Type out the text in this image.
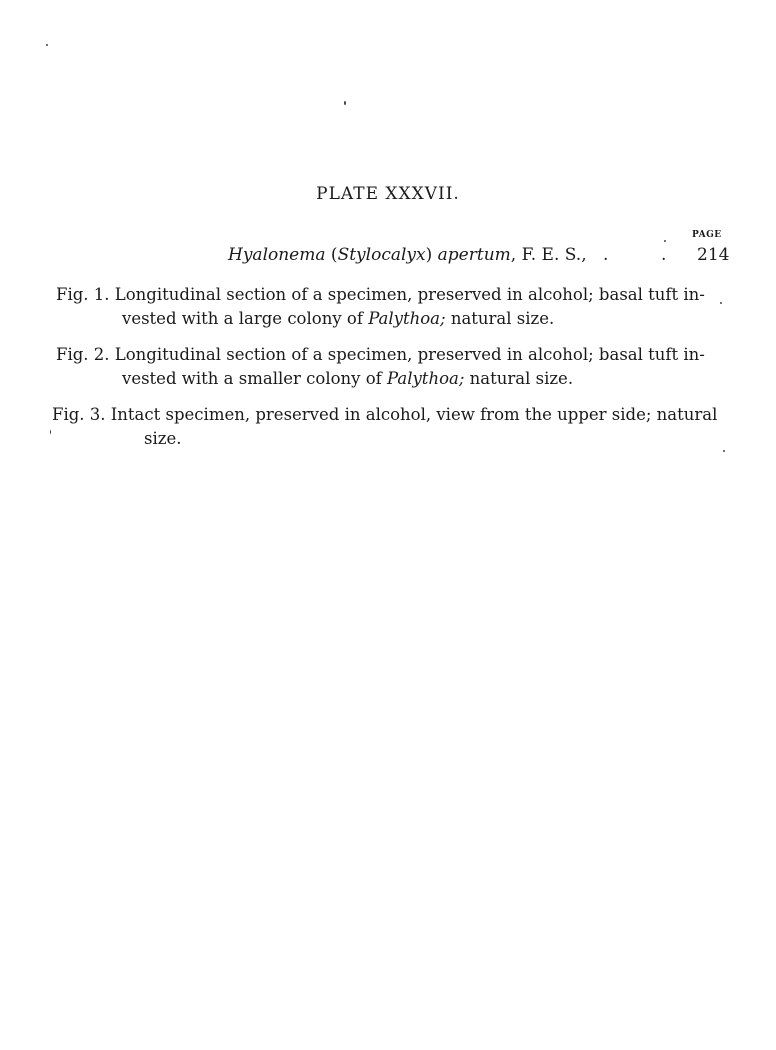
PLATE XXXVII.
PAGE
Hyalonema (Stylocalyx) apertum, F. E. S., .	. 214
Fig. 1. Longitudinal section of a specimen, preserved in alcohol; basal tuft in-
vested with a large colony of Palythoa; natural size.
Fig. 2. Longitudinal section of a specimen, preserved in alcohol; basal tuft in-
vested with a smaller colony of Palythoa; natural size.
Fig. 3. Intact specimen, preserved in alcohol, view from the upper side; natural
size.
